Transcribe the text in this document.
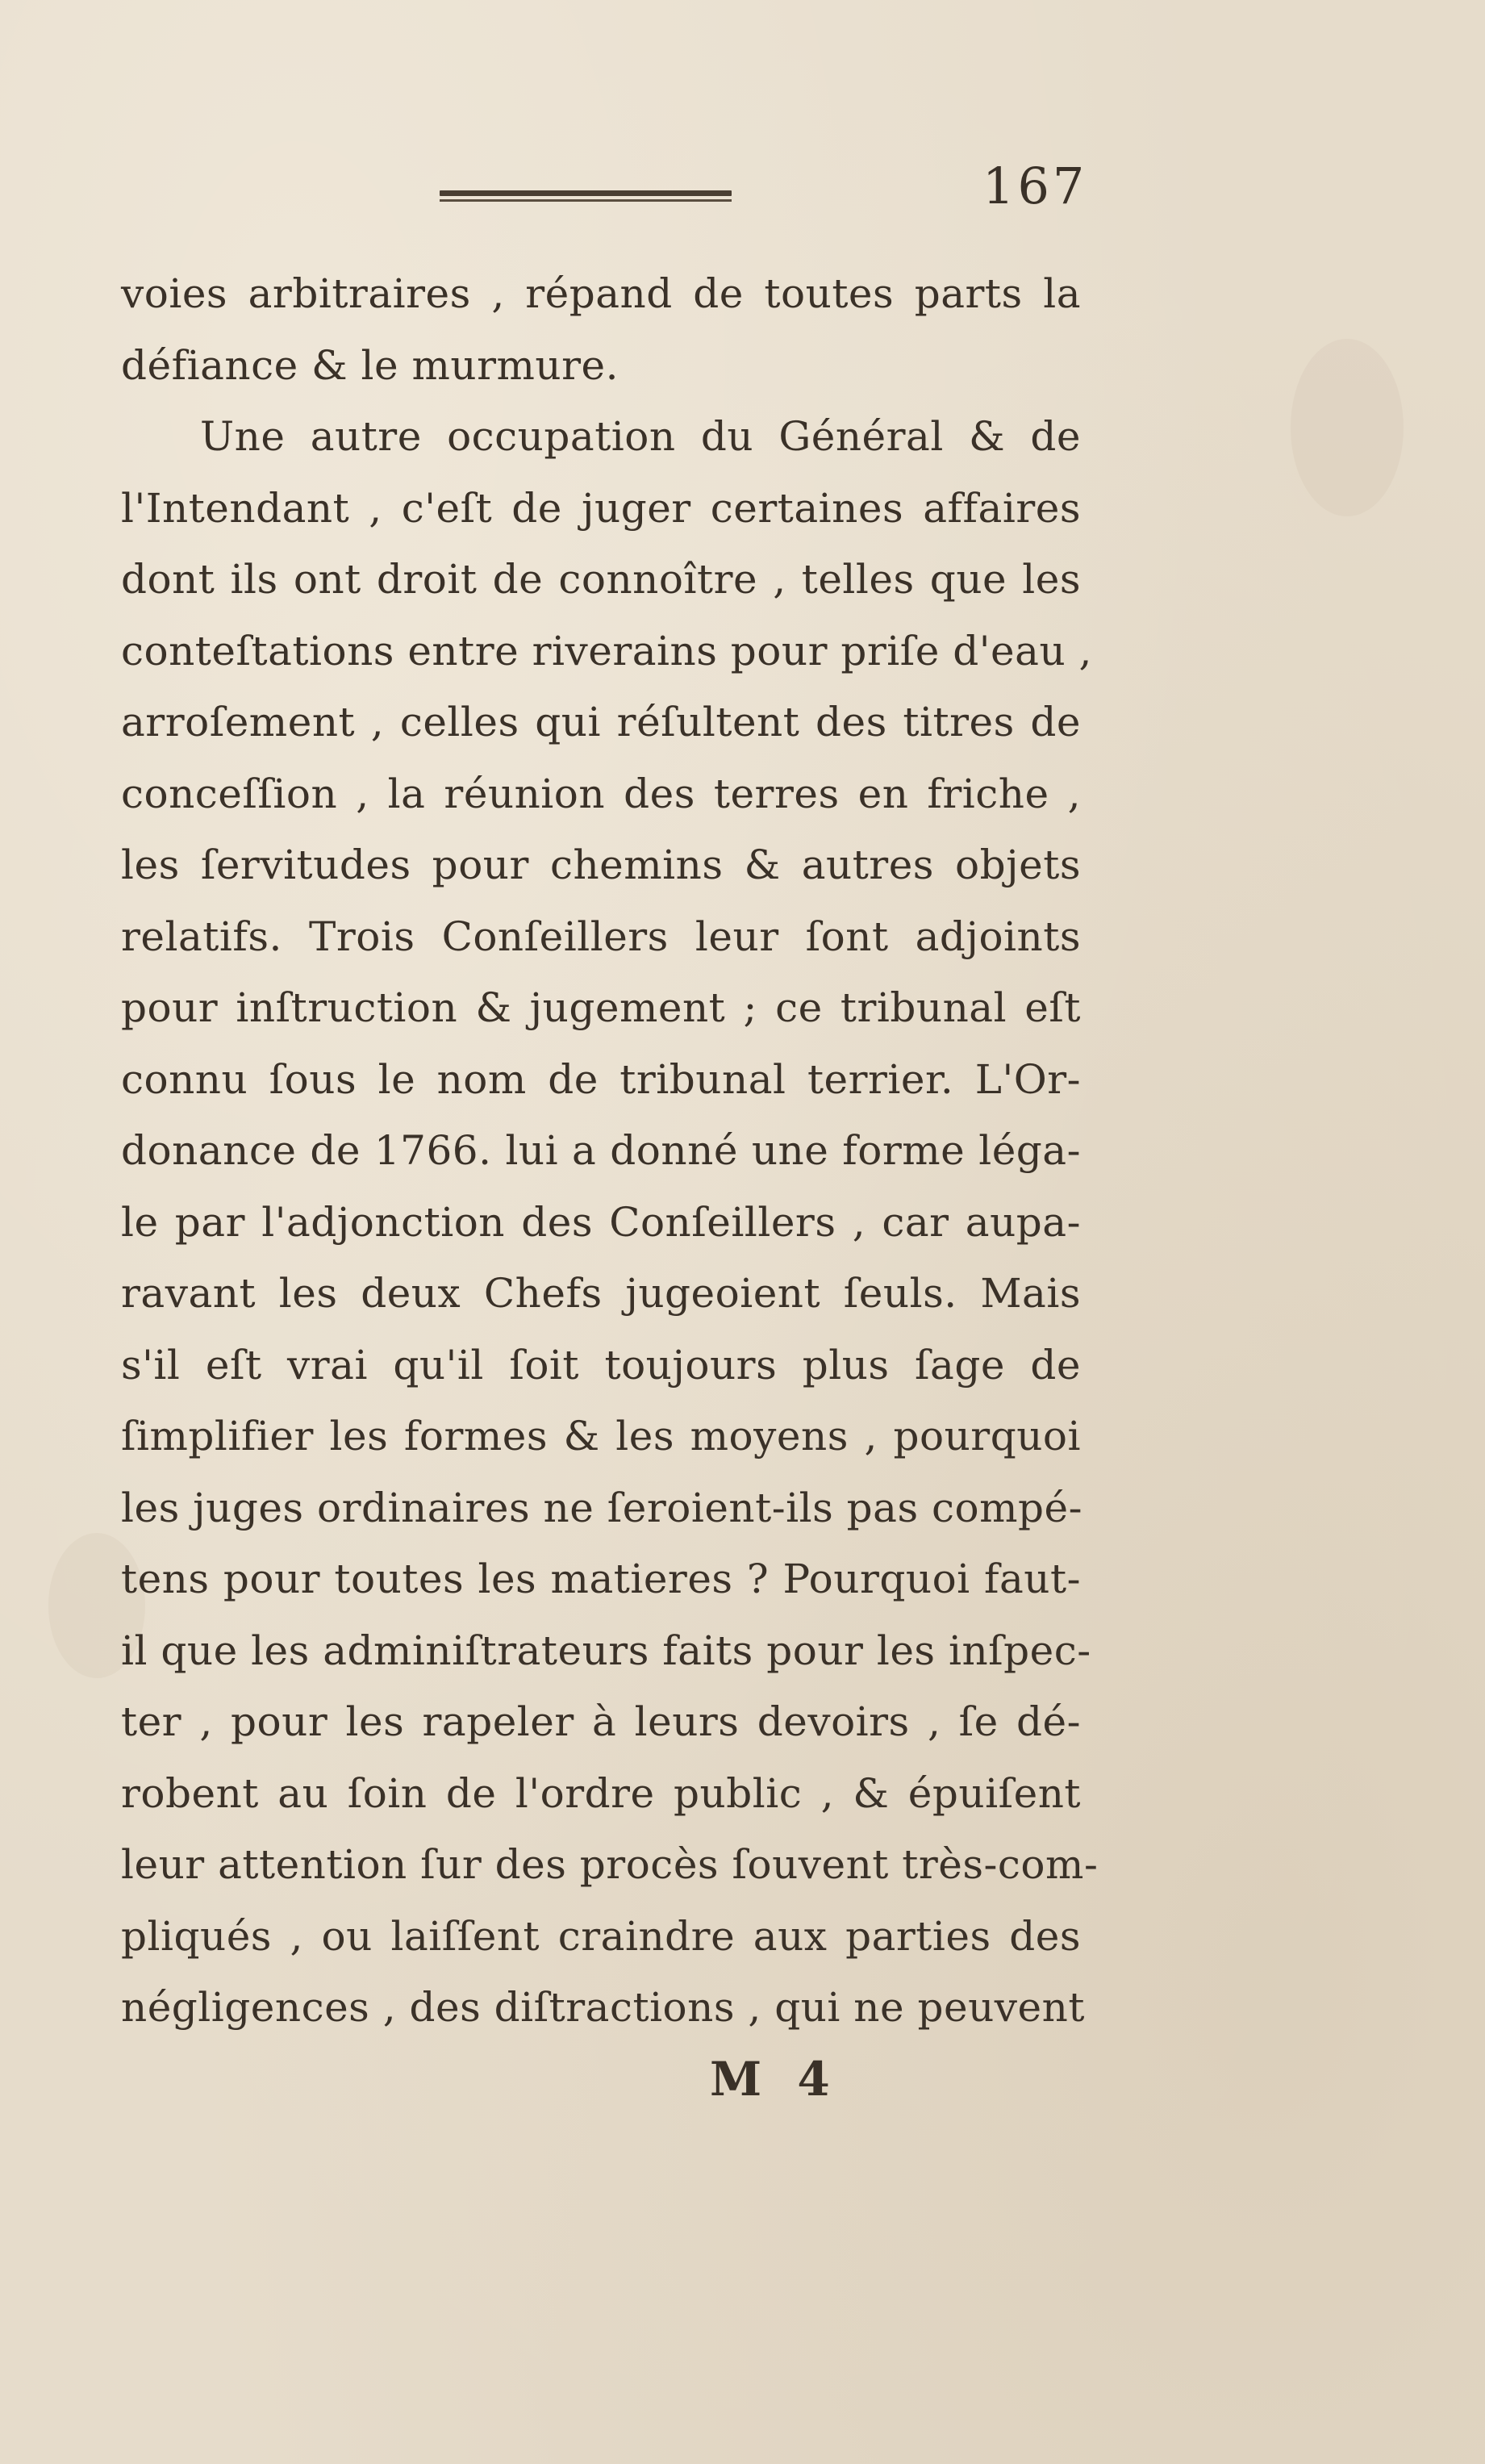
167
voies arbitraires , répand de toutes parts la
défiance & le murmure.
Une autre occupation du Général & de
l'Intendant , c'eſt de juger certaines affaires
dont ils ont droit de connoître , telles que les
conteſtations entre riverains pour priſe d'eau ,
arroſement , celles qui réſultent des titres de
conceſſion , la réunion des terres en friche ,
les ſervitudes pour chemins & autres objets
relatifs. Trois Conſeillers leur ſont adjoints
pour inſtruction & jugement ; ce tribunal eſt
connu ſous le nom de tribunal terrier. L'Or-
donance de 1766. lui a donné une forme léga-
le par l'adjonction des Conſeillers , car aupa-
ravant les deux Chefs jugeoient ſeuls. Mais
s'il eſt vrai qu'il ſoit toujours plus ſage de
ſimplifier les formes & les moyens , pourquoi
les juges ordinaires ne ſeroient-ils pas compé-
tens pour toutes les matieres ? Pourquoi faut-
il que les adminiſtrateurs faits pour les inſpec-
ter , pour les rapeler à leurs devoirs , ſe dé-
robent au ſoin de l'ordre public , & épuiſent
leur attention ſur des procès ſouvent très-com-
pliqués , ou laiſſent craindre aux parties des
négligences , des diſtractions , qui ne peuvent
M 4
